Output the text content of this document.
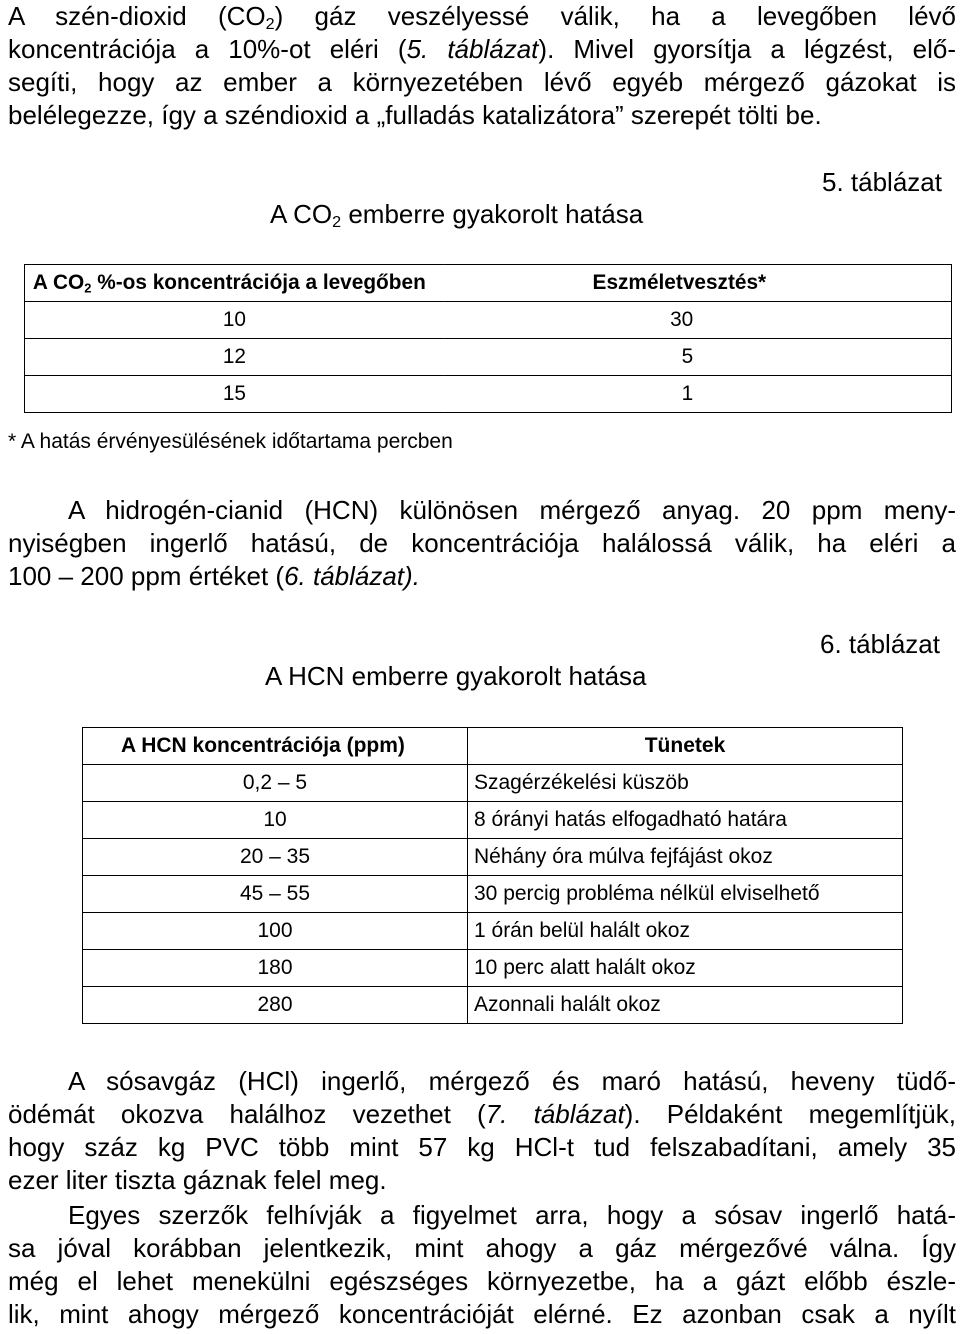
A szén-dioxid $(CO_2)$ gáz veszélyessé válik, ha a levegőben lévő
koncentrációja a 10%-ot eléri (5. táblázat). Mivel gyorsítja a légzést, elő-
segíti, hogy az ember a környezetében lévő egyéb mérgező gázokat is
belélegezze, így a széndioxid a „fulladás katalizátora” szerepét tölti be.
5. táblázat
A $CO_2$ emberre gyakorolt hatása
A $CO_2$ %-os koncentrációja a levegőben	Eszméletvesztés*
10	30
12	5
15	1
* A hatás érvényesülésének időtartama percben
A hidrogén-cianid (HCN) különösen mérgező anyag. 20 ppm meny-
nyiségben ingerlő hatású, de koncentrációja halálossá válik, ha eléri a
100 – 200 ppm értéket (6. táblázat).
6. táblázat
A HCN emberre gyakorolt hatása
A HCN koncentrációja (ppm)	Tünetek
0,2 – 5	Szagérzékelési küszöb
10	8 órányi hatás elfogadható határa
20 – 35	Néhány óra múlva fejfájást okoz
45 – 55	30 percig probléma nélkül elviselhető
100	1 órán belül halált okoz
180	10 perc alatt halált okoz
280	Azonnali halált okoz
A sósavgáz (HCl) ingerlő, mérgező és maró hatású, heveny tüdő-
ödémát okozva halálhoz vezethet (7. táblázat). Példaként megemlítjük,
hogy száz kg PVC több mint 57 kg HCl-t tud felszabadítani, amely 35
ezer liter tiszta gáznak felel meg.
Egyes szerzők felhívják a figyelmet arra, hogy a sósav ingerlő hatá-
sa jóval korábban jelentkezik, mint ahogy a gáz mérgezővé válna. Így
még el lehet menekülni egészséges környezetbe, ha a gázt előbb észle-
lik, mint ahogy mérgező koncentrációját elérné. Ez azonban csak a nyílt
